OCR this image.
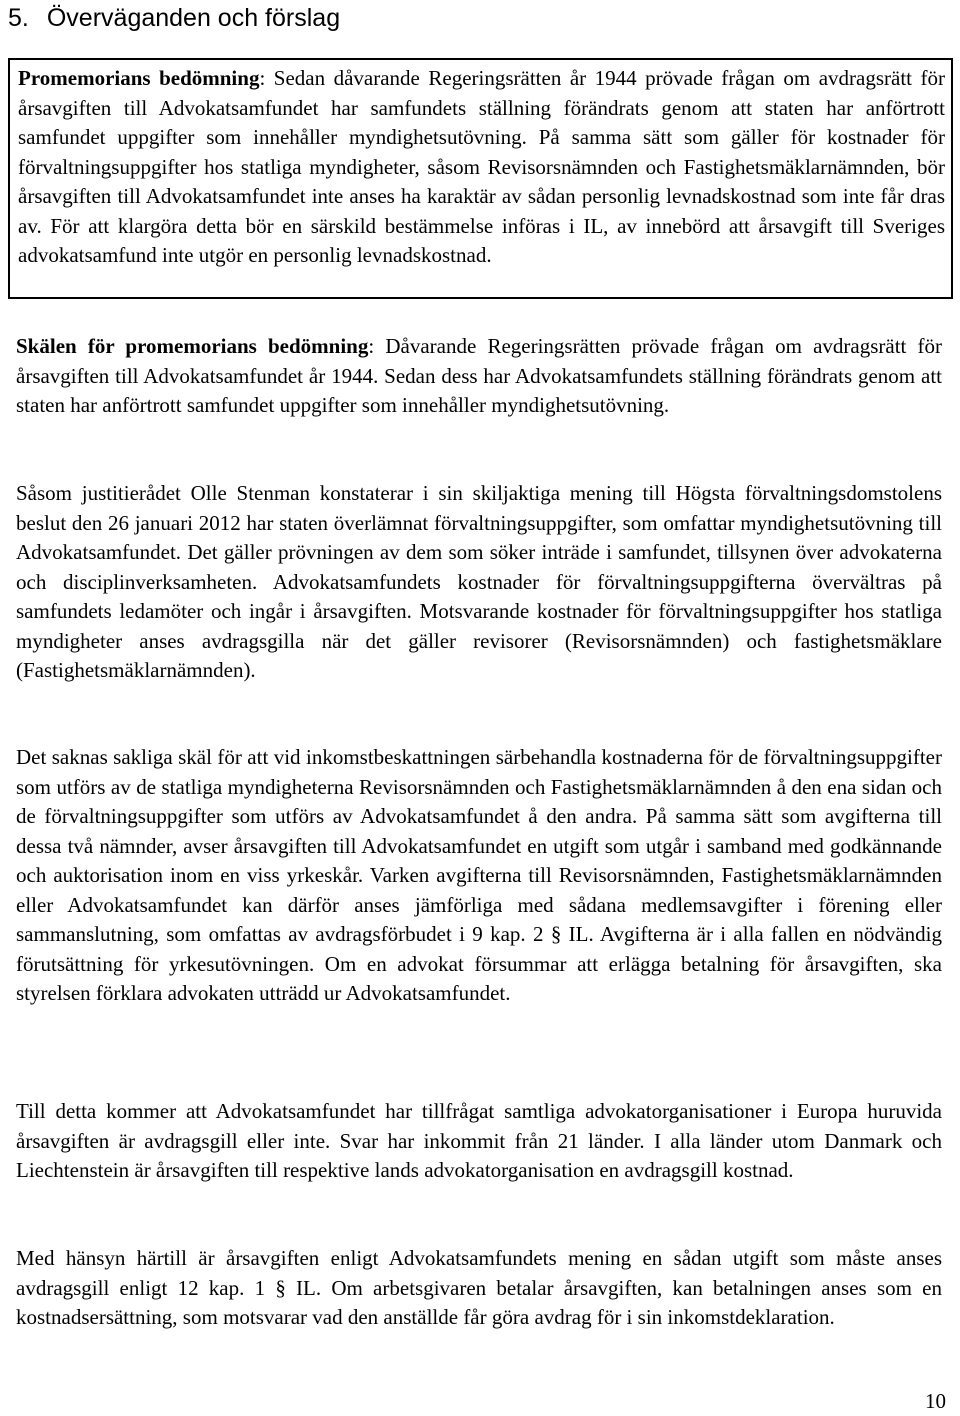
5. Överväganden och förslag

Promemorians bedömning: Sedan dåvarande Regeringsrätten år 1944 prövade frågan om avdragsrätt för årsavgiften till Advokatsamfundet har samfundets ställning förändrats genom att staten har anförtrott samfundet uppgifter som innehåller myndighetsutövning. På samma sätt som gäller för kostnader för förvaltningsuppgifter hos statliga myndigheter, såsom Revisorsnämnden och Fastighetsmäklarnämnden, bör årsavgiften till Advokatsamfundet inte anses ha karaktär av sådan personlig levnadskostnad som inte får dras av. För att klargöra detta bör en särskild bestämmelse införas i IL, av innebörd att årsavgift till Sveriges advokatsamfund inte utgör en personlig levnadskostnad.

Skälen för promemorians bedömning: Dåvarande Regeringsrätten prövade frågan om avdragsrätt för årsavgiften till Advokatsamfundet år 1944. Sedan dess har Advokatsamfundets ställning förändrats genom att staten har anförtrott samfundet uppgifter som innehåller myndighetsutövning.

Såsom justitierådet Olle Stenman konstaterar i sin skiljaktiga mening till Högsta förvaltningsdomstolens beslut den 26 januari 2012 har staten överlämnat förvaltningsuppgifter, som omfattar myndighetsutövning till Advokatsamfundet. Det gäller prövningen av dem som söker inträde i samfundet, tillsynen över advokaterna och disciplinverksamheten. Advokatsamfundets kostnader för förvaltningsuppgifterna övervältras på samfundets ledamöter och ingår i årsavgiften. Motsvarande kostnader för förvaltningsuppgifter hos statliga myndigheter anses avdragsgilla när det gäller revisorer (Revisorsnämnden) och fastighetsmäklare (Fastighetsmäklarnämnden).

Det saknas sakliga skäl för att vid inkomstbeskattningen särbehandla kostnaderna för de förvaltningsuppgifter som utförs av de statliga myndigheterna Revisorsnämnden och Fastighetsmäklarnämnden å den ena sidan och de förvaltningsuppgifter som utförs av Advokatsamfundet å den andra. På samma sätt som avgifterna till dessa två nämnder, avser årsavgiften till Advokatsamfundet en utgift som utgår i samband med godkännande och auktorisation inom en viss yrkeskår. Varken avgifterna till Revisorsnämnden, Fastighetsmäklarnämnden eller Advokatsamfundet kan därför anses jämförliga med sådana medlemsavgifter i förening eller sammanslutning, som omfattas av avdragsförbudet i 9 kap. 2 § IL. Avgifterna är i alla fallen en nödvändig förutsättning för yrkesutövningen. Om en advokat försummar att erlägga betalning för årsavgiften, ska styrelsen förklara advokaten utträdd ur Advokatsamfundet.

Till detta kommer att Advokatsamfundet har tillfrågat samtliga advokatorganisationer i Europa huruvida årsavgiften är avdragsgill eller inte. Svar har inkommit från 21 länder. I alla länder utom Danmark och Liechtenstein är årsavgiften till respektive lands advokatorganisation en avdragsgill kostnad.

Med hänsyn härtill är årsavgiften enligt Advokatsamfundets mening en sådan utgift som måste anses avdragsgill enligt 12 kap. 1 § IL. Om arbetsgivaren betalar årsavgiften, kan betalningen anses som en kostnadsersättning, som motsvarar vad den anställde får göra avdrag för i sin inkomstdeklaration.

10
